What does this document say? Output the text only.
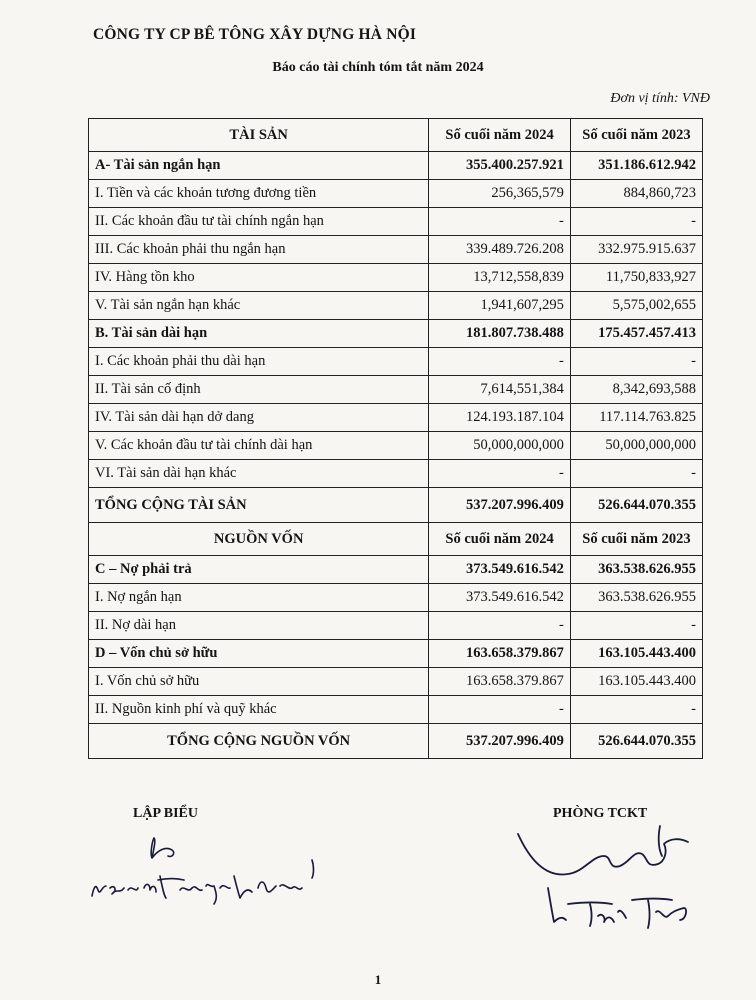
CÔNG TY CP BÊ TÔNG XÂY DỰNG HÀ NỘI
Báo cáo tài chính tóm tắt năm 2024
Đơn vị tính: VNĐ
TÀI SẢN	Số cuối năm 2024	Số cuối năm 2023
A- Tài sản ngắn hạn	355.400.257.921	351.186.612.942
I. Tiền và các khoản tương đương tiền	256,365,579	884,860,723
II. Các khoản đầu tư tài chính ngắn hạn	-	-
III. Các khoản phải thu ngắn hạn	339.489.726.208	332.975.915.637
IV. Hàng tồn kho	13,712,558,839	11,750,833,927
V. Tài sản ngắn hạn khác	1,941,607,295	5,575,002,655
B. Tài sản dài hạn	181.807.738.488	175.457.457.413
I. Các khoản phải thu dài hạn	-	-
II. Tài sản cố định	7,614,551,384	8,342,693,588
IV. Tài sản dài hạn dở dang	124.193.187.104	117.114.763.825
V. Các khoản đầu tư tài chính dài hạn	50,000,000,000	50,000,000,000
VI. Tài sản dài hạn khác	-	-
TỔNG CỘNG TÀI SẢN	537.207.996.409	526.644.070.355
NGUỒN VỐN	Số cuối năm 2024	Số cuối năm 2023
C – Nợ phải trả	373.549.616.542	363.538.626.955
I. Nợ ngắn hạn	373.549.616.542	363.538.626.955
II. Nợ dài hạn	-	-
D – Vốn chủ sở hữu	163.658.379.867	163.105.443.400
I. Vốn chủ sở hữu	163.658.379.867	163.105.443.400
II. Nguồn kinh phí và quỹ khác	-	-
TỔNG CỘNG NGUỒN VỐN	537.207.996.409	526.644.070.355
LẬP BIỂU	PHÒNG TCKT
1
